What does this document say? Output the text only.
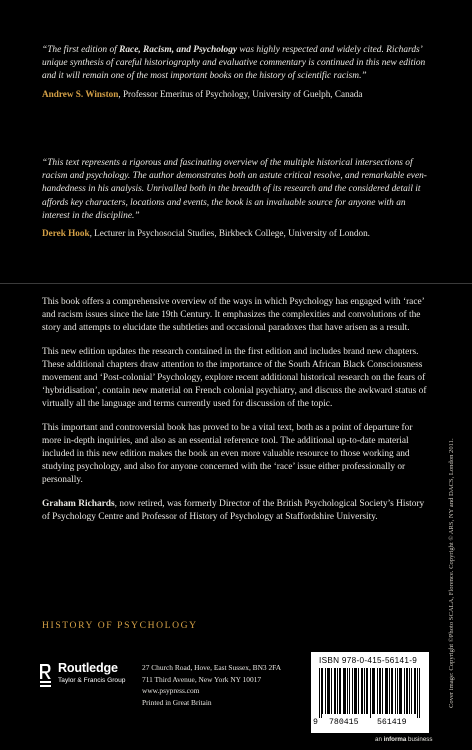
“The first edition of Race, Racism, and Psychology was highly respected and widely cited. Richards’ unique synthesis of careful historiography and evaluative commentary is continued in this new edition and it will remain one of the most important books on the history of scientific racism.”

Andrew S. Winston, Professor Emeritus of Psychology, University of Guelph, Canada

“This text represents a rigorous and fascinating overview of the multiple historical intersections of racism and psychology. The author demonstrates both an astute critical resolve, and remarkable even-handedness in his analysis. Unrivalled both in the breadth of its research and the considered detail it affords key characters, locations and events, the book is an invaluable source for anyone with an interest in the discipline.”

Derek Hook, Lecturer in Psychosocial Studies, Birkbeck College, University of London.

This book offers a comprehensive overview of the ways in which Psychology has engaged with ‘race’ and racism issues since the late 19th Century. It emphasizes the complexities and convolutions of the story and attempts to elucidate the subtleties and occasional paradoxes that have arisen as a result.

This new edition updates the research contained in the first edition and includes brand new chapters. These additional chapters draw attention to the importance of the South African Black Consciousness movement and ‘Post-colonial’ Psychology, explore recent additional historical research on the fears of ‘hybridisation’, contain new material on French colonial psychiatry, and discuss the awkward status of virtually all the language and terms currently used for discussion of the topic.

This important and controversial book has proved to be a vital text, both as a point of departure for more in-depth inquiries, and also as an essential reference tool. The additional up-to-date material included in this new edition makes the book an even more valuable resource to those working and studying psychology, and also for anyone concerned with the ‘race’ issue either professionally or personally.

Graham Richards, now retired, was formerly Director of the British Psychological Society’s History of Psychology Centre and Professor of History of Psychology at Staffordshire University.

HISTORY OF PSYCHOLOGY	Cover image: Copyright ©Photo SCALA, Florence. Copyright © ARS, NY and DACS, London 2011.
Routledge
Taylor & Francis Group
27 Church Road, Hove, East Sussex, BN3 2FA
711 Third Avenue, New York NY 10017
www.psypress.com
Printed in Great Britain
ISBN 978-0-415-56141-9
9 780415 561419
an informa business
